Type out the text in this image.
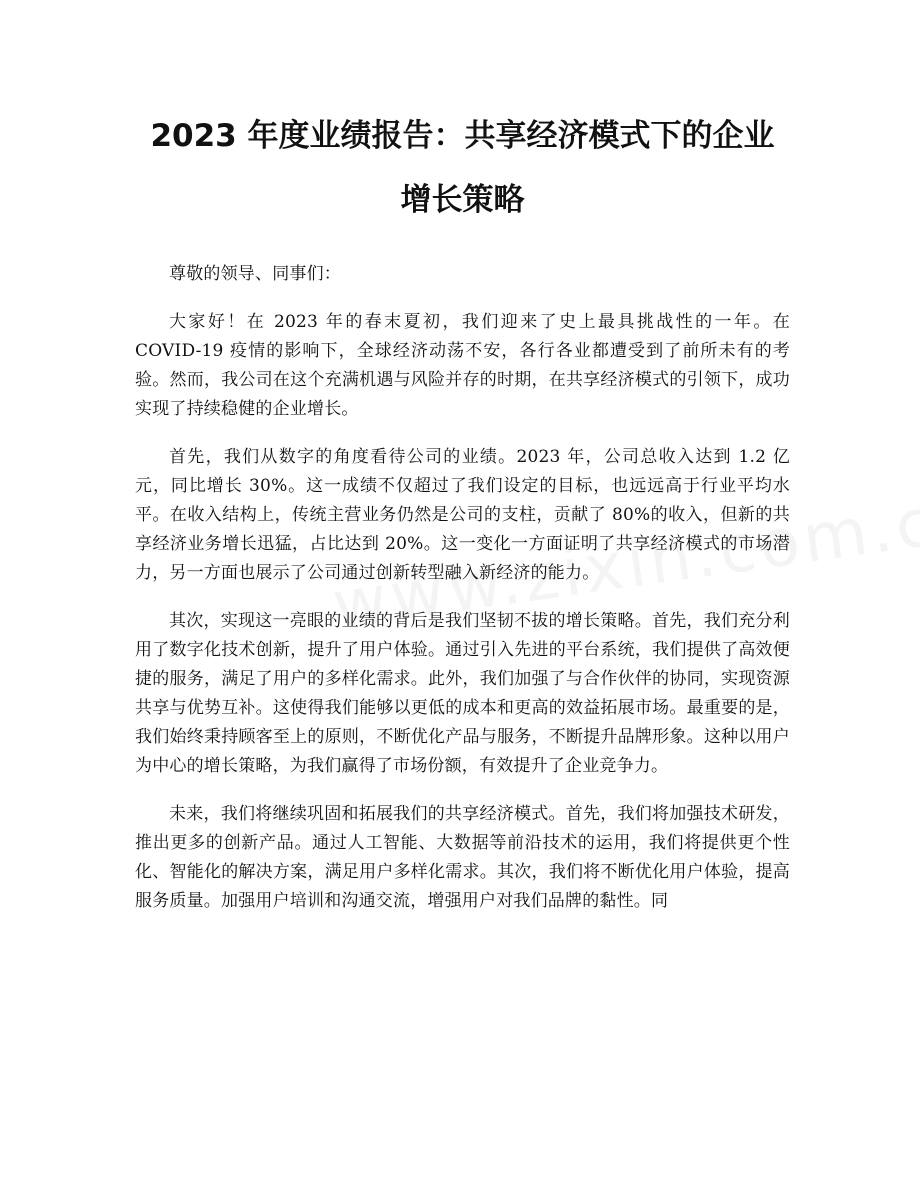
2023 年度业绩报告：共享经济模式下的企业
增长策略

尊敬的领导、同事们：

大家好！在 2023 年的春末夏初，我们迎来了史上最具挑战性的一年。在 COVID-19 疫情的影响下，全球经济动荡不安，各行各业都遭受到了前所未有的考验。然而，我公司在这个充满机遇与风险并存的时期，在共享经济模式的引领下，成功实现了持续稳健的企业增长。

首先，我们从数字的角度看待公司的业绩。2023 年，公司总收入达到 1.2 亿元，同比增长 30%。这一成绩不仅超过了我们设定的目标，也远远高于行业平均水平。在收入结构上，传统主营业务仍然是公司的支柱，贡献了 80%的收入，但新的共享经济业务增长迅猛，占比达到 20%。这一变化一方面证明了共享经济模式的市场潜力，另一方面也展示了公司通过创新转型融入新经济的能力。

其次，实现这一亮眼的业绩的背后是我们坚韧不拔的增长策略。首先，我们充分利用了数字化技术创新，提升了用户体验。通过引入先进的平台系统，我们提供了高效便捷的服务，满足了用户的多样化需求。此外，我们加强了与合作伙伴的协同，实现资源共享与优势互补。这使得我们能够以更低的成本和更高的效益拓展市场。最重要的是，我们始终秉持顾客至上的原则，不断优化产品与服务，不断提升品牌形象。这种以用户为中心的增长策略，为我们赢得了市场份额，有效提升了企业竞争力。

未来，我们将继续巩固和拓展我们的共享经济模式。首先，我们将加强技术研发，推出更多的创新产品。通过人工智能、大数据等前沿技术的运用，我们将提供更个性化、智能化的解决方案，满足用户多样化需求。其次，我们将不断优化用户体验，提高服务质量。加强用户培训和沟通交流，增强用户对我们品牌的黏性。同
